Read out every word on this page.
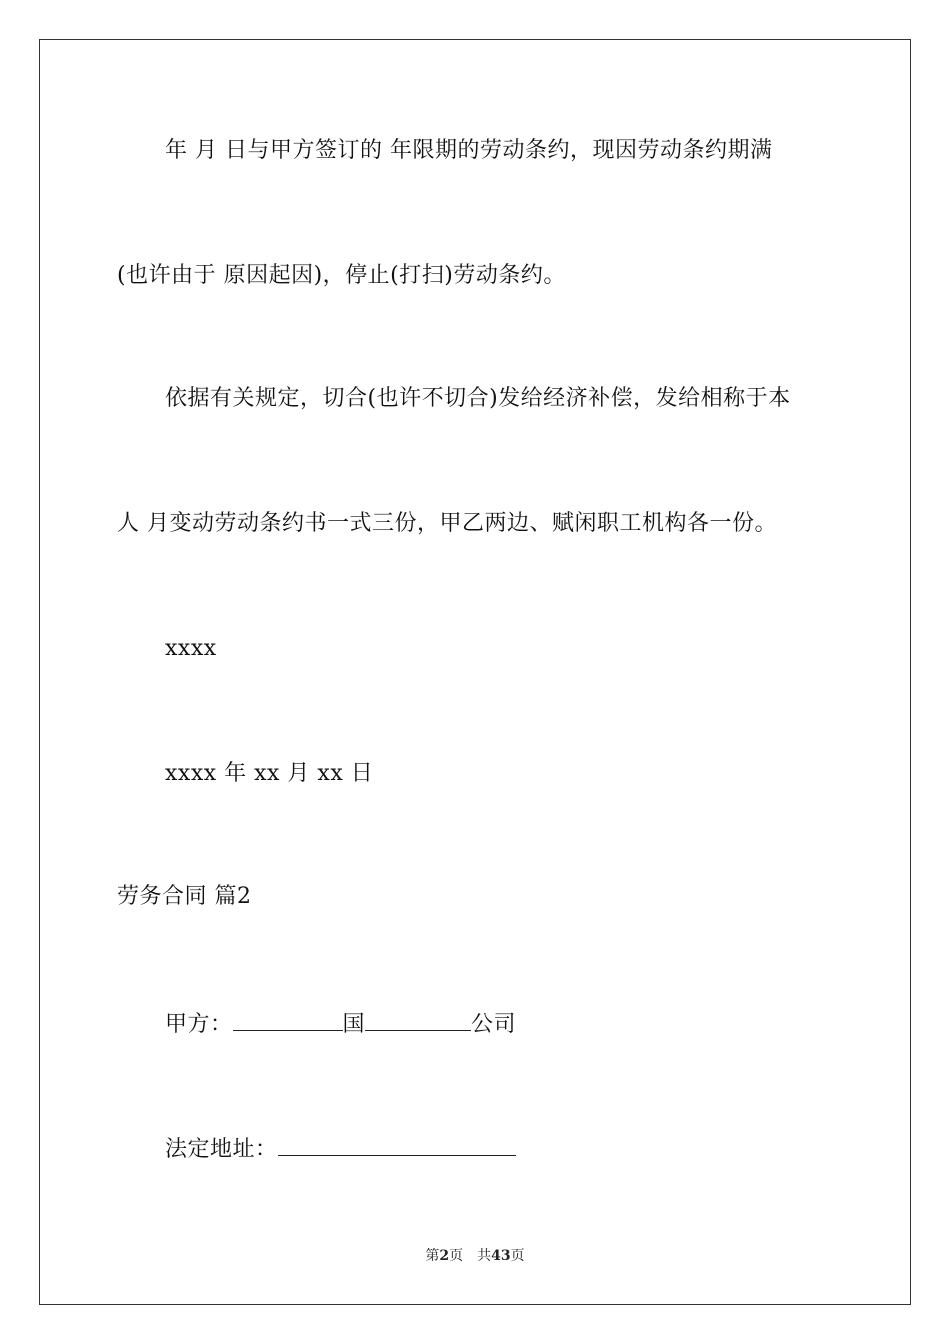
年 月 日与甲方签订的 年限期的劳动条约，现因劳动条约期满
(也许由于 原因起因)，停止(打扫)劳动条约。
依据有关规定，切合(也许不切合)发给经济补偿，发给相称于本
人 月变动劳动条约书一式三份，甲乙两边、赋闲职工机构各一份。
xxxx
xxxx 年 xx 月 xx 日
劳务合同 篇2
甲方：	国	公司
法定地址：
第2页 共43页
